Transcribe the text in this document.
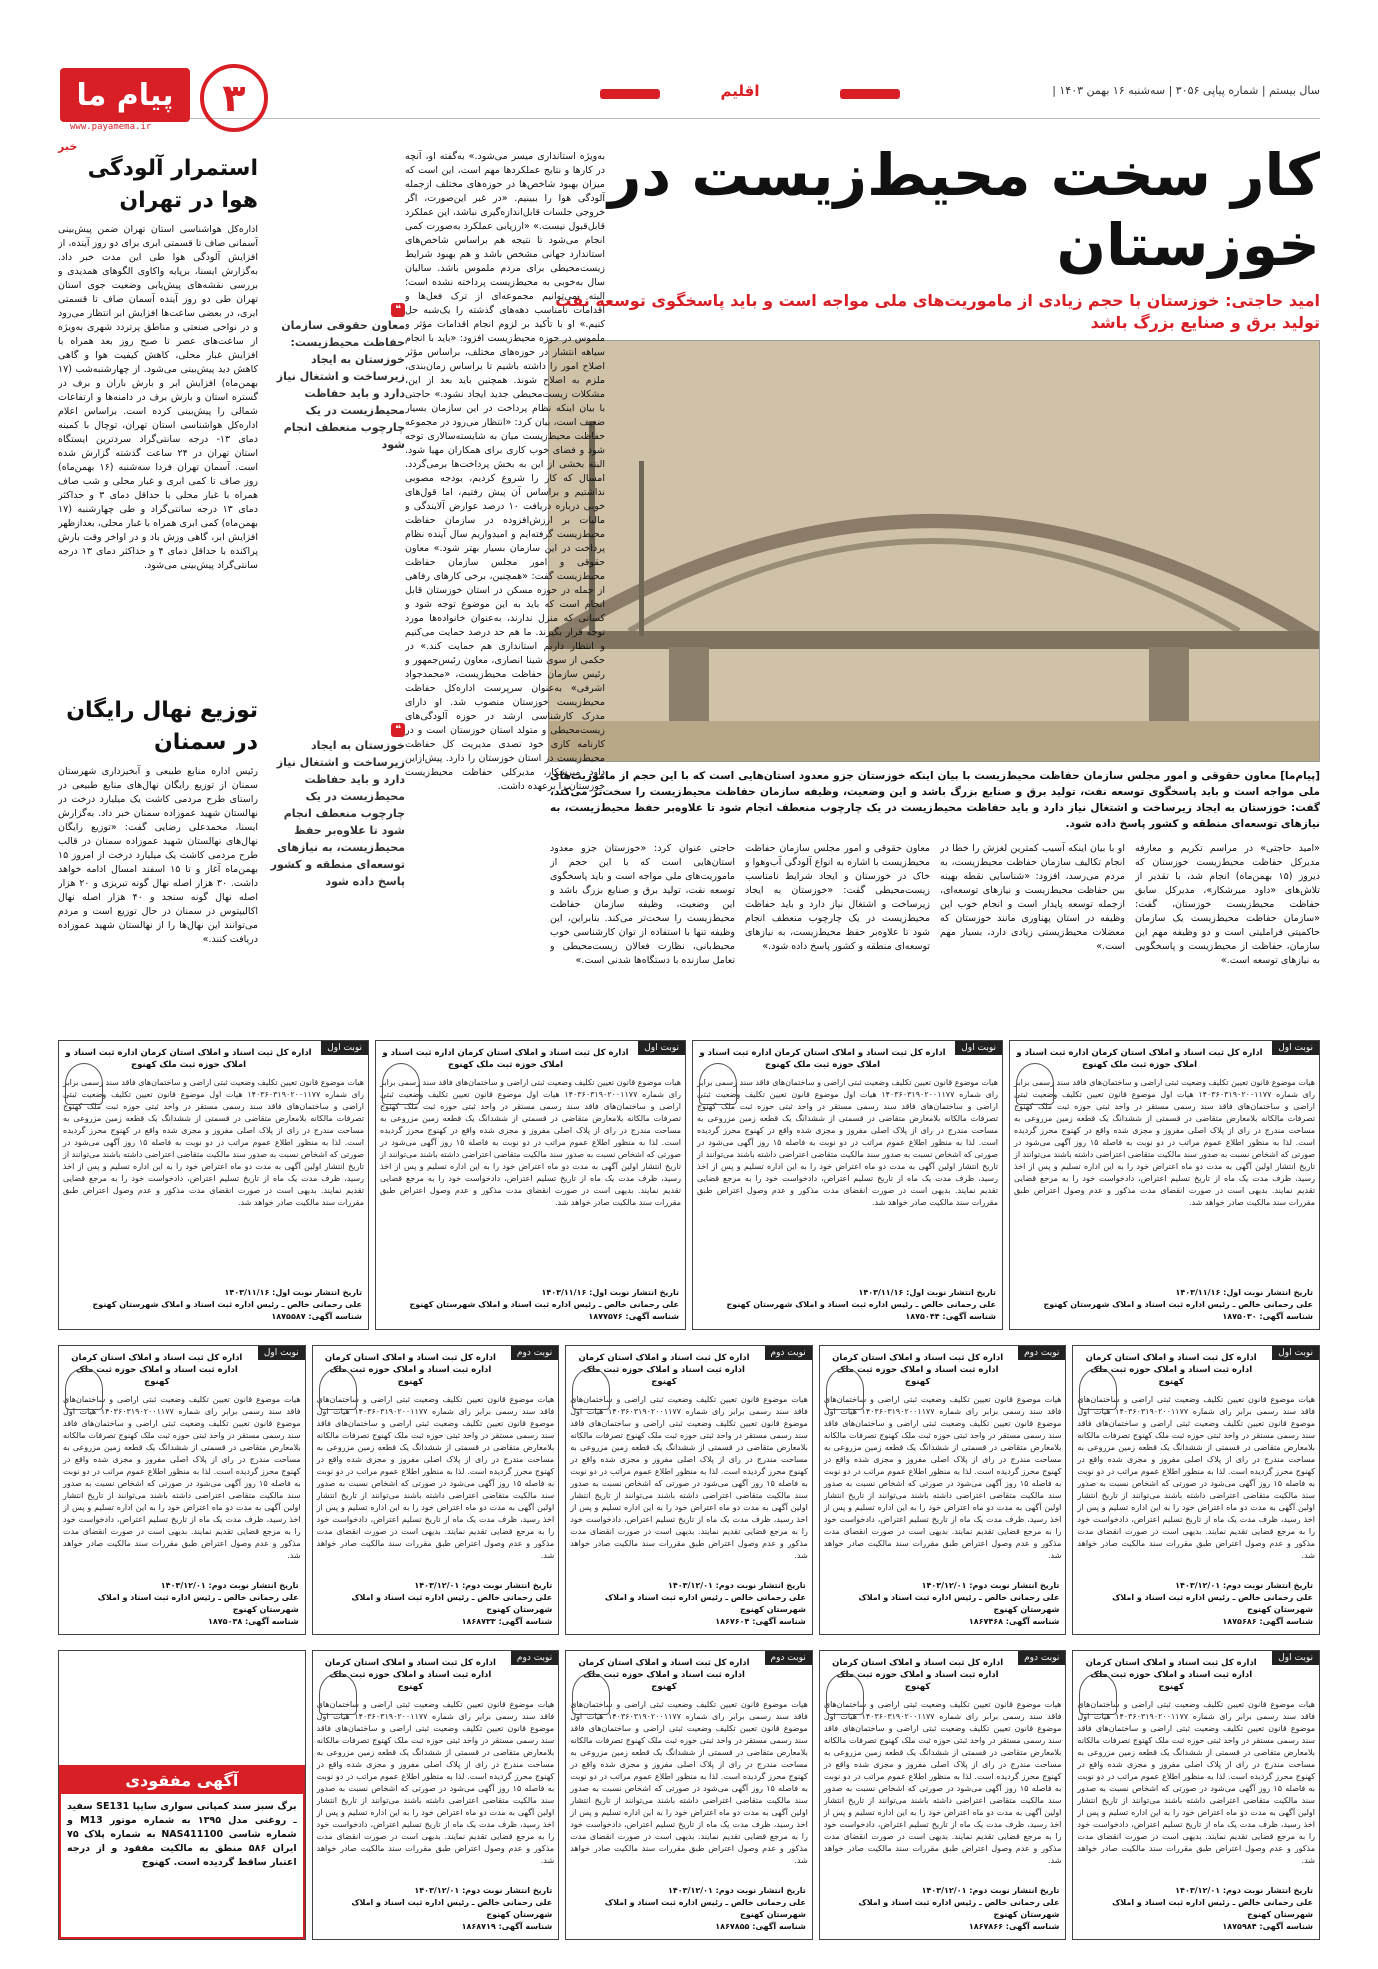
پیام ما
www.payamema.ir
۳	اقلیم	سال بیستم | شماره پیاپی ۳۰۵۶ | سه‌شنبه ۱۶ بهمن ۱۴۰۳ |
کار سخت محیط‌زیست در خوزستان
امید حاجتی: خوزستان با حجم زیادی از ماموریت‌های ملی مواجه است و باید پاسخگوی توسعه نفت تولید برق و صنایع بزرگ باشد
[پیام‌ما] معاون حقوقی و امور مجلس سازمان حفاظت محیط‌زیست با بیان اینکه خوزستان جزو معدود استان‌هایی است که با این حجم از ماموریت‌های ملی مواجه است و باید پاسخگوی توسعه نفت، تولید برق و صنایع بزرگ باشد و این وضعیت، وظیفه سازمان حفاظت محیط‌زیست را سخت‌تر می‌کند، گفت: خوزستان به ایجاد زیرساخت و اشتغال نیاز دارد و باید حفاظت محیط‌زیست در یک چارچوب منعطف انجام شود تا علاوه‌بر حفظ محیط‌زیست، به نیازهای توسعه‌ای منطقه و کشور پاسخ داده شود.
«امید حاجتی» در مراسم تکریم و معارفه مدیرکل حفاظت محیط‌زیست خوزستان که دیروز (۱۵ بهمن‌ماه) انجام شد، با تقدیر از تلاش‌های «داود میرشکار»، مدیرکل سابق حفاظت محیط‌زیست خوزستان، گفت: «سازمان حفاظت محیط‌زیست یک سازمان حاکمیتی فراملیتی است و دو وظیفه مهم این سازمان، حفاظت از محیط‌زیست و پاسخگویی به نیازهای توسعه است.»
او با بیان اینکه آسیب کمترین لغزش را خطا در انجام تکالیف سازمان حفاظت محیط‌زیست، به مردم می‌رسد، افزود: «شناسایی نقطه بهینه بین حفاظت محیط‌زیست و نیازهای توسعه‌ای، ازجمله توسعه پایدار است و انجام خوب این وظیفه در استان پهناوری مانند خوزستان که معضلات محیط‌زیستی زیادی دارد، بسیار مهم است.»
معاون حقوقی و امور مجلس سازمان حفاظت محیط‌زیست با اشاره به انواع آلودگی آب‌وهوا و خاک در خوزستان و ایجاد شرایط نامناسب زیست‌محیطی گفت: «خوزستان به ایجاد زیرساخت و اشتغال نیاز دارد و باید حفاظت محیط‌زیست در یک چارچوب منعطف انجام شود تا علاوه‌بر حفظ محیط‌زیست، به نیازهای توسعه‌ای منطقه و کشور پاسخ داده شود.»
حاجتی عنوان کرد: «خوزستان جزو معدود استان‌هایی است که با این حجم از ماموریت‌های ملی مواجه است و باید پاسخگوی توسعه نفت، تولید برق و صنایع بزرگ باشد و این وضعیت، وظیفه سازمان حفاظت محیط‌زیست را سخت‌تر می‌کند. بنابراین، این وظیفه تنها با استفاده از توان کارشناسی خوب محیط‌بانی، نظارت فعالان زیست‌محیطی و تعامل سازنده با دستگاه‌ها شدنی است.»
به‌ویژه استانداری میسر می‌شود.» به‌گفته او، آنچه در کارها و نتایج عملکردها مهم است، این است که میزان بهبود شاخص‌ها در حوزه‌های مختلف ازجمله آلودگی هوا را ببینیم. «در غیر این‌صورت، اگر خروجی جلسات قابل‌اندازه‌گیری نباشد، این عملکرد قابل‌قبول نیست.» «ارزیابی عملکرد به‌صورت کمی انجام می‌شود تا نتیجه هم براساس شاخص‌های استاندارد جهانی مشخص باشد و هم بهبود شرایط زیست‌محیطی برای مردم ملموس باشد. سالیان سال به‌خوبی به محیط‌زیست پرداخته نشده است؛ البته نمی‌توانیم مجموعه‌ای از ترک فعل‌ها و اقدامات نامناسب دهه‌های گذشته را یک‌شبه حل کنیم.» او با تأکید بر لزوم انجام اقدامات مؤثر و ملموس در حوزه محیط‌زیست افزود: «باید با انجام سیاهه انتشار در حوزه‌های مختلف، براساس مؤثر اصلاح امور را داشته باشیم تا براساس زمان‌بندی، ملزم به اصلاح شوند. همچنین باید بعد از این، مشکلات زیست‌محیطی جدید ایجاد نشود.» حاجتی با بیان اینکه نظام پرداخت در این سازمان بسیار ضعیف است، بیان کرد: «انتظار می‌رود در مجموعه حفاظت محیط‌زیست میان به شایسته‌سالاری توجه شود و فضای خوب کاری برای همکاران مهیا شود. البته بخشی از این به بخش پرداخت‌ها برمی‌گردد. امسال که کار را شروع کردیم، بودجه مصوبی نداشتیم و براساس آن پیش رفتیم، اما قول‌های خوبی درباره دریافت ۱۰ درصد عوارض آلایندگی و مالیات بر ارزش‌افزوده در سازمان حفاظت محیط‌زیست گرفته‌ایم و امیدواریم سال آینده نظام پرداخت در این سازمان بسیار بهتر شود.» معاون حقوقی و امور مجلس سازمان حفاظت محیط‌زیست گفت: «همچنین، برخی کارهای رفاهی از جمله در حوزه مسکن در استان خوزستان قابل انجام است که باید به این موضوع توجه شود و کسانی که منزل ندارند، به‌عنوان خانواده‌ها مورد توجه قرار بگیرند. ما هم حد درصد حمایت می‌کنیم و انتظار داریم استانداری هم حمایت کند.» در حکمی از سوی شینا انصاری، معاون رئیس‌جمهور و رئیس سازمان حفاظت محیط‌زیست، «محمدجواد اشرفی» به‌عنوان سرپرست اداره‌کل حفاظت محیط‌زیست خوزستان منصوب شد. او دارای مدرک کارشناسی ارشد در حوزه آلودگی‌های زیست‌محیطی و متولد استان خوزستان است و در کارنامه کاری خود تصدی مدیریت کل حفاظت محیط‌زیست در استان خوزستان را دارد. پیش‌ازاین داود میرشکار، مدیرکلی حفاظت محیط‌زیست خوزستان را برعهده داشت.
❝
معاون حقوقی سازمان حفاظت محیط‌زیست: خوزستان به ایجاد زیرساخت و اشتغال نیاز دارد و باید حفاظت محیط‌زیست در یک چارچوب منعطف انجام شود
❝
خوزستان به ایجاد زیرساخت و اشتغال نیاز دارد و باید حفاظت محیط‌زیست در یک چارچوب منعطف انجام شود تا علاوه‌بر حفظ محیط‌زیست، به نیازهای توسعه‌ای منطقه و کشور پاسخ داده شود
خبر
استمرار آلودگی هوا در تهران
اداره‌کل هواشناسی استان تهران ضمن پیش‌بینی آسمانی صاف تا قسمتی ابری برای دو روز آینده، از افزایش آلودگی هوا طی این مدت خبر داد. به‌گزارش ایسنا، برپایه واکاوی الگوهای همدیدی و بررسی نقشه‌های پیش‌یابی وضعیت جوی استان تهران طی دو روز آینده آسمان صاف تا قسمتی ابری، در بعضی ساعت‌ها افزایش ابر انتظار می‌رود و در نواحی صنعتی و مناطق پرتردد شهری به‌ویژه از ساعت‌های عصر تا صبح روز بعد همراه با افزایش غبار محلی، کاهش کیفیت هوا و گاهی کاهش دید پیش‌بینی می‌شود. از چهارشنبه‌شب (۱۷ بهمن‌ماه) افزایش ابر و بارش باران و برف در گستره استان و بارش برف در دامنه‌ها و ارتفاعات شمالی را پیش‌بینی کرده است. براساس اعلام اداره‌کل هواشناسی استان تهران، توچال با کمینه دمای ۱۳- درجه سانتی‌گراد سردترین ایستگاه استان تهران در ۲۴ ساعت گذشته گزارش شده است. آسمان تهران فردا سه‌شنبه (۱۶ بهمن‌ماه) روز صاف تا کمی ابری و غبار محلی و شب صاف همراه با غبار محلی با حداقل دمای ۳ و حداکثر دمای ۱۳ درجه سانتی‌گراد و طی چهارشنبه (۱۷ بهمن‌ماه) کمی ابری همراه با غبار محلی، بعدازظهر افزایش ابر، گاهی وزش باد و در اواخر وقت بارش پراکنده با حداقل دمای ۴ و حداکثر دمای ۱۳ درجه سانتی‌گراد پیش‌بینی می‌شود.
توزیع نهال رایگان در سمنان
رئیس اداره منابع طبیعی و آبخیزداری شهرستان سمنان از توزیع رایگان نهال‌های منابع طبیعی در راستای طرح مردمی کاشت یک میلیارد درخت در نهالستان شهید عموزاده سمنان خبر داد. به‌گزارش ایسنا، محمدعلی رضایی گفت: «توزیع رایگان نهال‌های نهالستان شهید عموزاده سمنان در قالب طرح مردمی کاشت یک میلیارد درخت از امروز ۱۵ بهمن‌ماه آغاز و تا ۱۵ اسفند امسال ادامه خواهد داشت. ۳۰ هزار اصله نهال گونه‌ تبریزی و ۲۰ هزار اصله نهال گونه سنجد و ۴۰ هزار اصله نهال اکالیپتوس در سمنان در حال توزیع است و مردم می‌توانند این نهال‌ها را از نهالستان شهید عموزاده دریافت کنند.»
نوبت اول
اداره کل ثبت اسناد و املاک استان کرمان اداره ثبت اسناد و املاک حوزه ثبت ملک کهنوج
هیات موضوع قانون تعیین تکلیف وضعیت ثبتی اراضی و ساختمان‌های فاقد سند رسمی برابر رای شماره ۱۴۰۳۶۰۳۱۹۰۲۰۰۱۱۷۷ هیات اول موضوع قانون تعیین تکلیف وضعیت ثبتی اراضی و ساختمان‌های فاقد سند رسمی مستقر در واحد ثبتی حوزه ثبت ملک کهنوج تصرفات مالکانه بلامعارض متقاضی در قسمتی از ششدانگ یک قطعه زمین مزروعی به مساحت مندرج در رای از پلاک اصلی مفروز و مجزی شده واقع در کهنوج محرز گردیده است. لذا به منظور اطلاع عموم مراتب در دو نوبت به فاصله ۱۵ روز آگهی می‌شود در صورتی که اشخاص نسبت به صدور سند مالکیت متقاضی اعتراضی داشته باشند می‌توانند از تاریخ انتشار اولین آگهی به مدت دو ماه اعتراض خود را به این اداره تسلیم و پس از اخذ رسید، ظرف مدت یک ماه از تاریخ تسلیم اعتراض، دادخواست خود را به مرجع قضایی تقدیم نمایند. بدیهی است در صورت انقضای مدت مذکور و عدم وصول اعتراض طبق مقررات سند مالکیت صادر خواهد شد.
تاریخ انتشار نوبت اول: ۱۴۰۳/۱۱/۱۶
علی رحمانی خالص ـ رئیس اداره ثبت اسناد و املاک شهرستان کهنوج
شناسه آگهی: ۱۸۷۵۰۳۰
نوبت اول
اداره کل ثبت اسناد و املاک استان کرمان اداره ثبت اسناد و املاک حوزه ثبت ملک کهنوج
هیات موضوع قانون تعیین تکلیف وضعیت ثبتی اراضی و ساختمان‌های فاقد سند رسمی برابر رای شماره ۱۴۰۳۶۰۳۱۹۰۲۰۰۱۱۷۷ هیات اول موضوع قانون تعیین تکلیف وضعیت ثبتی اراضی و ساختمان‌های فاقد سند رسمی مستقر در واحد ثبتی حوزه ثبت ملک کهنوج تصرفات مالکانه بلامعارض متقاضی در قسمتی از ششدانگ یک قطعه زمین مزروعی به مساحت مندرج در رای از پلاک اصلی مفروز و مجزی شده واقع در کهنوج محرز گردیده است. لذا به منظور اطلاع عموم مراتب در دو نوبت به فاصله ۱۵ روز آگهی می‌شود در صورتی که اشخاص نسبت به صدور سند مالکیت متقاضی اعتراضی داشته باشند می‌توانند از تاریخ انتشار اولین آگهی به مدت دو ماه اعتراض خود را به این اداره تسلیم و پس از اخذ رسید، ظرف مدت یک ماه از تاریخ تسلیم اعتراض، دادخواست خود را به مرجع قضایی تقدیم نمایند. بدیهی است در صورت انقضای مدت مذکور و عدم وصول اعتراض طبق مقررات سند مالکیت صادر خواهد شد.
تاریخ انتشار نوبت اول: ۱۴۰۳/۱۱/۱۶
علی رحمانی خالص ـ رئیس اداره ثبت اسناد و املاک شهرستان کهنوج
شناسه آگهی: ۱۸۷۵۰۴۴
نوبت اول
اداره کل ثبت اسناد و املاک استان کرمان اداره ثبت اسناد و املاک حوزه ثبت ملک کهنوج
هیات موضوع قانون تعیین تکلیف وضعیت ثبتی اراضی و ساختمان‌های فاقد سند رسمی برابر رای شماره ۱۴۰۳۶۰۳۱۹۰۲۰۰۱۱۷۷ هیات اول موضوع قانون تعیین تکلیف وضعیت ثبتی اراضی و ساختمان‌های فاقد سند رسمی مستقر در واحد ثبتی حوزه ثبت ملک کهنوج تصرفات مالکانه بلامعارض متقاضی در قسمتی از ششدانگ یک قطعه زمین مزروعی به مساحت مندرج در رای از پلاک اصلی مفروز و مجزی شده واقع در کهنوج محرز گردیده است. لذا به منظور اطلاع عموم مراتب در دو نوبت به فاصله ۱۵ روز آگهی می‌شود در صورتی که اشخاص نسبت به صدور سند مالکیت متقاضی اعتراضی داشته باشند می‌توانند از تاریخ انتشار اولین آگهی به مدت دو ماه اعتراض خود را به این اداره تسلیم و پس از اخذ رسید، ظرف مدت یک ماه از تاریخ تسلیم اعتراض، دادخواست خود را به مرجع قضایی تقدیم نمایند. بدیهی است در صورت انقضای مدت مذکور و عدم وصول اعتراض طبق مقررات سند مالکیت صادر خواهد شد.
تاریخ انتشار نوبت اول: ۱۴۰۳/۱۱/۱۶
علی رحمانی خالص ـ رئیس اداره ثبت اسناد و املاک شهرستان کهنوج
شناسه آگهی: ۱۸۷۷۵۷۶
نوبت اول
اداره کل ثبت اسناد و املاک استان کرمان اداره ثبت اسناد و املاک حوزه ثبت ملک کهنوج
هیات موضوع قانون تعیین تکلیف وضعیت ثبتی اراضی و ساختمان‌های فاقد سند رسمی برابر رای شماره ۱۴۰۳۶۰۳۱۹۰۲۰۰۱۱۷۷ هیات اول موضوع قانون تعیین تکلیف وضعیت ثبتی اراضی و ساختمان‌های فاقد سند رسمی مستقر در واحد ثبتی حوزه ثبت ملک کهنوج تصرفات مالکانه بلامعارض متقاضی در قسمتی از ششدانگ یک قطعه زمین مزروعی به مساحت مندرج در رای از پلاک اصلی مفروز و مجزی شده واقع در کهنوج محرز گردیده است. لذا به منظور اطلاع عموم مراتب در دو نوبت به فاصله ۱۵ روز آگهی می‌شود در صورتی که اشخاص نسبت به صدور سند مالکیت متقاضی اعتراضی داشته باشند می‌توانند از تاریخ انتشار اولین آگهی به مدت دو ماه اعتراض خود را به این اداره تسلیم و پس از اخذ رسید، ظرف مدت یک ماه از تاریخ تسلیم اعتراض، دادخواست خود را به مرجع قضایی تقدیم نمایند. بدیهی است در صورت انقضای مدت مذکور و عدم وصول اعتراض طبق مقررات سند مالکیت صادر خواهد شد.
تاریخ انتشار نوبت اول: ۱۴۰۳/۱۱/۱۶
علی رحمانی خالص ـ رئیس اداره ثبت اسناد و املاک شهرستان کهنوج
شناسه آگهی: ۱۸۷۵۵۸۷
نوبت اول
اداره کل ثبت اسناد و املاک استان کرمان اداره ثبت اسناد و املاک حوزه ثبت ملک کهنوج
هیات موضوع قانون تعیین تکلیف وضعیت ثبتی اراضی و ساختمان‌های فاقد سند رسمی برابر رای شماره ۱۴۰۳۶۰۳۱۹۰۲۰۰۱۱۷۷ هیات اول موضوع قانون تعیین تکلیف وضعیت ثبتی اراضی و ساختمان‌های فاقد سند رسمی مستقر در واحد ثبتی حوزه ثبت ملک کهنوج تصرفات مالکانه بلامعارض متقاضی در قسمتی از ششدانگ یک قطعه زمین مزروعی به مساحت مندرج در رای از پلاک اصلی مفروز و مجزی شده واقع در کهنوج محرز گردیده است. لذا به منظور اطلاع عموم مراتب در دو نوبت به فاصله ۱۵ روز آگهی می‌شود در صورتی که اشخاص نسبت به صدور سند مالکیت متقاضی اعتراضی داشته باشند می‌توانند از تاریخ انتشار اولین آگهی به مدت دو ماه اعتراض خود را به این اداره تسلیم و پس از اخذ رسید، ظرف مدت یک ماه از تاریخ تسلیم اعتراض، دادخواست خود را به مرجع قضایی تقدیم نمایند. بدیهی است در صورت انقضای مدت مذکور و عدم وصول اعتراض طبق مقررات سند مالکیت صادر خواهد شد.
تاریخ انتشار نوبت دوم: ۱۴۰۳/۱۲/۰۱
علی رحمانی خالص ـ رئیس اداره ثبت اسناد و املاک شهرستان کهنوج
شناسه آگهی: ۱۸۷۵۶۸۶
نوبت دوم
اداره کل ثبت اسناد و املاک استان کرمان اداره ثبت اسناد و املاک حوزه ثبت ملک کهنوج
هیات موضوع قانون تعیین تکلیف وضعیت ثبتی اراضی و ساختمان‌های فاقد سند رسمی برابر رای شماره ۱۴۰۳۶۰۳۱۹۰۲۰۰۱۱۷۷ هیات اول موضوع قانون تعیین تکلیف وضعیت ثبتی اراضی و ساختمان‌های فاقد سند رسمی مستقر در واحد ثبتی حوزه ثبت ملک کهنوج تصرفات مالکانه بلامعارض متقاضی در قسمتی از ششدانگ یک قطعه زمین مزروعی به مساحت مندرج در رای از پلاک اصلی مفروز و مجزی شده واقع در کهنوج محرز گردیده است. لذا به منظور اطلاع عموم مراتب در دو نوبت به فاصله ۱۵ روز آگهی می‌شود در صورتی که اشخاص نسبت به صدور سند مالکیت متقاضی اعتراضی داشته باشند می‌توانند از تاریخ انتشار اولین آگهی به مدت دو ماه اعتراض خود را به این اداره تسلیم و پس از اخذ رسید، ظرف مدت یک ماه از تاریخ تسلیم اعتراض، دادخواست خود را به مرجع قضایی تقدیم نمایند. بدیهی است در صورت انقضای مدت مذکور و عدم وصول اعتراض طبق مقررات سند مالکیت صادر خواهد شد.
تاریخ انتشار نوبت دوم: ۱۴۰۳/۱۲/۰۱
علی رحمانی خالص ـ رئیس اداره ثبت اسناد و املاک شهرستان کهنوج
شناسه آگهی: ۱۸۶۷۴۶۸
نوبت دوم
اداره کل ثبت اسناد و املاک استان کرمان اداره ثبت اسناد و املاک حوزه ثبت ملک کهنوج
هیات موضوع قانون تعیین تکلیف وضعیت ثبتی اراضی و ساختمان‌های فاقد سند رسمی برابر رای شماره ۱۴۰۳۶۰۳۱۹۰۲۰۰۱۱۷۷ هیات اول موضوع قانون تعیین تکلیف وضعیت ثبتی اراضی و ساختمان‌های فاقد سند رسمی مستقر در واحد ثبتی حوزه ثبت ملک کهنوج تصرفات مالکانه بلامعارض متقاضی در قسمتی از ششدانگ یک قطعه زمین مزروعی به مساحت مندرج در رای از پلاک اصلی مفروز و مجزی شده واقع در کهنوج محرز گردیده است. لذا به منظور اطلاع عموم مراتب در دو نوبت به فاصله ۱۵ روز آگهی می‌شود در صورتی که اشخاص نسبت به صدور سند مالکیت متقاضی اعتراضی داشته باشند می‌توانند از تاریخ انتشار اولین آگهی به مدت دو ماه اعتراض خود را به این اداره تسلیم و پس از اخذ رسید، ظرف مدت یک ماه از تاریخ تسلیم اعتراض، دادخواست خود را به مرجع قضایی تقدیم نمایند. بدیهی است در صورت انقضای مدت مذکور و عدم وصول اعتراض طبق مقررات سند مالکیت صادر خواهد شد.
تاریخ انتشار نوبت دوم: ۱۴۰۳/۱۲/۰۱
علی رحمانی خالص ـ رئیس اداره ثبت اسناد و املاک شهرستان کهنوج
شناسه آگهی: ۱۸۶۷۶۰۴
نوبت دوم
اداره کل ثبت اسناد و املاک استان کرمان اداره ثبت اسناد و املاک حوزه ثبت ملک کهنوج
هیات موضوع قانون تعیین تکلیف وضعیت ثبتی اراضی و ساختمان‌های فاقد سند رسمی برابر رای شماره ۱۴۰۳۶۰۳۱۹۰۲۰۰۱۱۷۷ هیات اول موضوع قانون تعیین تکلیف وضعیت ثبتی اراضی و ساختمان‌های فاقد سند رسمی مستقر در واحد ثبتی حوزه ثبت ملک کهنوج تصرفات مالکانه بلامعارض متقاضی در قسمتی از ششدانگ یک قطعه زمین مزروعی به مساحت مندرج در رای از پلاک اصلی مفروز و مجزی شده واقع در کهنوج محرز گردیده است. لذا به منظور اطلاع عموم مراتب در دو نوبت به فاصله ۱۵ روز آگهی می‌شود در صورتی که اشخاص نسبت به صدور سند مالکیت متقاضی اعتراضی داشته باشند می‌توانند از تاریخ انتشار اولین آگهی به مدت دو ماه اعتراض خود را به این اداره تسلیم و پس از اخذ رسید، ظرف مدت یک ماه از تاریخ تسلیم اعتراض، دادخواست خود را به مرجع قضایی تقدیم نمایند. بدیهی است در صورت انقضای مدت مذکور و عدم وصول اعتراض طبق مقررات سند مالکیت صادر خواهد شد.
تاریخ انتشار نوبت دوم: ۱۴۰۳/۱۲/۰۱
علی رحمانی خالص ـ رئیس اداره ثبت اسناد و املاک شهرستان کهنوج
شناسه آگهی: ۱۸۶۸۷۳۳
نوبت اول
اداره کل ثبت اسناد و املاک استان کرمان اداره ثبت اسناد و املاک حوزه ثبت ملک کهنوج
هیات موضوع قانون تعیین تکلیف وضعیت ثبتی اراضی و ساختمان‌های فاقد سند رسمی برابر رای شماره ۱۴۰۳۶۰۳۱۹۰۲۰۰۱۱۷۷ هیات اول موضوع قانون تعیین تکلیف وضعیت ثبتی اراضی و ساختمان‌های فاقد سند رسمی مستقر در واحد ثبتی حوزه ثبت ملک کهنوج تصرفات مالکانه بلامعارض متقاضی در قسمتی از ششدانگ یک قطعه زمین مزروعی به مساحت مندرج در رای از پلاک اصلی مفروز و مجزی شده واقع در کهنوج محرز گردیده است. لذا به منظور اطلاع عموم مراتب در دو نوبت به فاصله ۱۵ روز آگهی می‌شود در صورتی که اشخاص نسبت به صدور سند مالکیت متقاضی اعتراضی داشته باشند می‌توانند از تاریخ انتشار اولین آگهی به مدت دو ماه اعتراض خود را به این اداره تسلیم و پس از اخذ رسید، ظرف مدت یک ماه از تاریخ تسلیم اعتراض، دادخواست خود را به مرجع قضایی تقدیم نمایند. بدیهی است در صورت انقضای مدت مذکور و عدم وصول اعتراض طبق مقررات سند مالکیت صادر خواهد شد.
تاریخ انتشار نوبت دوم: ۱۴۰۳/۱۲/۰۱
علی رحمانی خالص ـ رئیس اداره ثبت اسناد و املاک شهرستان کهنوج
شناسه آگهی: ۱۸۷۵۰۳۸
نوبت اول
اداره کل ثبت اسناد و املاک استان کرمان اداره ثبت اسناد و املاک حوزه ثبت ملک کهنوج
هیات موضوع قانون تعیین تکلیف وضعیت ثبتی اراضی و ساختمان‌های فاقد سند رسمی برابر رای شماره ۱۴۰۳۶۰۳۱۹۰۲۰۰۱۱۷۷ هیات اول موضوع قانون تعیین تکلیف وضعیت ثبتی اراضی و ساختمان‌های فاقد سند رسمی مستقر در واحد ثبتی حوزه ثبت ملک کهنوج تصرفات مالکانه بلامعارض متقاضی در قسمتی از ششدانگ یک قطعه زمین مزروعی به مساحت مندرج در رای از پلاک اصلی مفروز و مجزی شده واقع در کهنوج محرز گردیده است. لذا به منظور اطلاع عموم مراتب در دو نوبت به فاصله ۱۵ روز آگهی می‌شود در صورتی که اشخاص نسبت به صدور سند مالکیت متقاضی اعتراضی داشته باشند می‌توانند از تاریخ انتشار اولین آگهی به مدت دو ماه اعتراض خود را به این اداره تسلیم و پس از اخذ رسید، ظرف مدت یک ماه از تاریخ تسلیم اعتراض، دادخواست خود را به مرجع قضایی تقدیم نمایند. بدیهی است در صورت انقضای مدت مذکور و عدم وصول اعتراض طبق مقررات سند مالکیت صادر خواهد شد.
تاریخ انتشار نوبت دوم: ۱۴۰۳/۱۲/۰۱
علی رحمانی خالص ـ رئیس اداره ثبت اسناد و املاک شهرستان کهنوج
شناسه آگهی: ۱۸۷۵۹۸۴
نوبت دوم
اداره کل ثبت اسناد و املاک استان کرمان اداره ثبت اسناد و املاک حوزه ثبت ملک کهنوج
هیات موضوع قانون تعیین تکلیف وضعیت ثبتی اراضی و ساختمان‌های فاقد سند رسمی برابر رای شماره ۱۴۰۳۶۰۳۱۹۰۲۰۰۱۱۷۷ هیات اول موضوع قانون تعیین تکلیف وضعیت ثبتی اراضی و ساختمان‌های فاقد سند رسمی مستقر در واحد ثبتی حوزه ثبت ملک کهنوج تصرفات مالکانه بلامعارض متقاضی در قسمتی از ششدانگ یک قطعه زمین مزروعی به مساحت مندرج در رای از پلاک اصلی مفروز و مجزی شده واقع در کهنوج محرز گردیده است. لذا به منظور اطلاع عموم مراتب در دو نوبت به فاصله ۱۵ روز آگهی می‌شود در صورتی که اشخاص نسبت به صدور سند مالکیت متقاضی اعتراضی داشته باشند می‌توانند از تاریخ انتشار اولین آگهی به مدت دو ماه اعتراض خود را به این اداره تسلیم و پس از اخذ رسید، ظرف مدت یک ماه از تاریخ تسلیم اعتراض، دادخواست خود را به مرجع قضایی تقدیم نمایند. بدیهی است در صورت انقضای مدت مذکور و عدم وصول اعتراض طبق مقررات سند مالکیت صادر خواهد شد.
تاریخ انتشار نوبت دوم: ۱۴۰۳/۱۲/۰۱
علی رحمانی خالص ـ رئیس اداره ثبت اسناد و املاک شهرستان کهنوج
شناسه آگهی: ۱۸۶۷۸۶۶
نوبت دوم
اداره کل ثبت اسناد و املاک استان کرمان اداره ثبت اسناد و املاک حوزه ثبت ملک کهنوج
هیات موضوع قانون تعیین تکلیف وضعیت ثبتی اراضی و ساختمان‌های فاقد سند رسمی برابر رای شماره ۱۴۰۳۶۰۳۱۹۰۲۰۰۱۱۷۷ هیات اول موضوع قانون تعیین تکلیف وضعیت ثبتی اراضی و ساختمان‌های فاقد سند رسمی مستقر در واحد ثبتی حوزه ثبت ملک کهنوج تصرفات مالکانه بلامعارض متقاضی در قسمتی از ششدانگ یک قطعه زمین مزروعی به مساحت مندرج در رای از پلاک اصلی مفروز و مجزی شده واقع در کهنوج محرز گردیده است. لذا به منظور اطلاع عموم مراتب در دو نوبت به فاصله ۱۵ روز آگهی می‌شود در صورتی که اشخاص نسبت به صدور سند مالکیت متقاضی اعتراضی داشته باشند می‌توانند از تاریخ انتشار اولین آگهی به مدت دو ماه اعتراض خود را به این اداره تسلیم و پس از اخذ رسید، ظرف مدت یک ماه از تاریخ تسلیم اعتراض، دادخواست خود را به مرجع قضایی تقدیم نمایند. بدیهی است در صورت انقضای مدت مذکور و عدم وصول اعتراض طبق مقررات سند مالکیت صادر خواهد شد.
تاریخ انتشار نوبت دوم: ۱۴۰۳/۱۲/۰۱
علی رحمانی خالص ـ رئیس اداره ثبت اسناد و املاک شهرستان کهنوج
شناسه آگهی: ۱۸۶۷۸۵۵
نوبت دوم
اداره کل ثبت اسناد و املاک استان کرمان اداره ثبت اسناد و املاک حوزه ثبت ملک کهنوج
هیات موضوع قانون تعیین تکلیف وضعیت ثبتی اراضی و ساختمان‌های فاقد سند رسمی برابر رای شماره ۱۴۰۳۶۰۳۱۹۰۲۰۰۱۱۷۷ هیات اول موضوع قانون تعیین تکلیف وضعیت ثبتی اراضی و ساختمان‌های فاقد سند رسمی مستقر در واحد ثبتی حوزه ثبت ملک کهنوج تصرفات مالکانه بلامعارض متقاضی در قسمتی از ششدانگ یک قطعه زمین مزروعی به مساحت مندرج در رای از پلاک اصلی مفروز و مجزی شده واقع در کهنوج محرز گردیده است. لذا به منظور اطلاع عموم مراتب در دو نوبت به فاصله ۱۵ روز آگهی می‌شود در صورتی که اشخاص نسبت به صدور سند مالکیت متقاضی اعتراضی داشته باشند می‌توانند از تاریخ انتشار اولین آگهی به مدت دو ماه اعتراض خود را به این اداره تسلیم و پس از اخذ رسید، ظرف مدت یک ماه از تاریخ تسلیم اعتراض، دادخواست خود را به مرجع قضایی تقدیم نمایند. بدیهی است در صورت انقضای مدت مذکور و عدم وصول اعتراض طبق مقررات سند مالکیت صادر خواهد شد.
تاریخ انتشار نوبت دوم: ۱۴۰۳/۱۲/۰۱
علی رحمانی خالص ـ رئیس اداره ثبت اسناد و املاک شهرستان کهنوج
شناسه آگهی: ۱۸۶۸۷۱۹
آگهی مفقودی

برگ سبز سند کمپانی سواری سایپا SE131 سفید ـ روغنی مدل ۱۳۹۵ به شماره موتور M13 و شماره شاسی NAS411100 به شماره پلاک ۷۵ ایران ۵۸۶ منطق به مالکیت مفقود و از درجه اعتبار ساقط گردیده است. کهنوج
